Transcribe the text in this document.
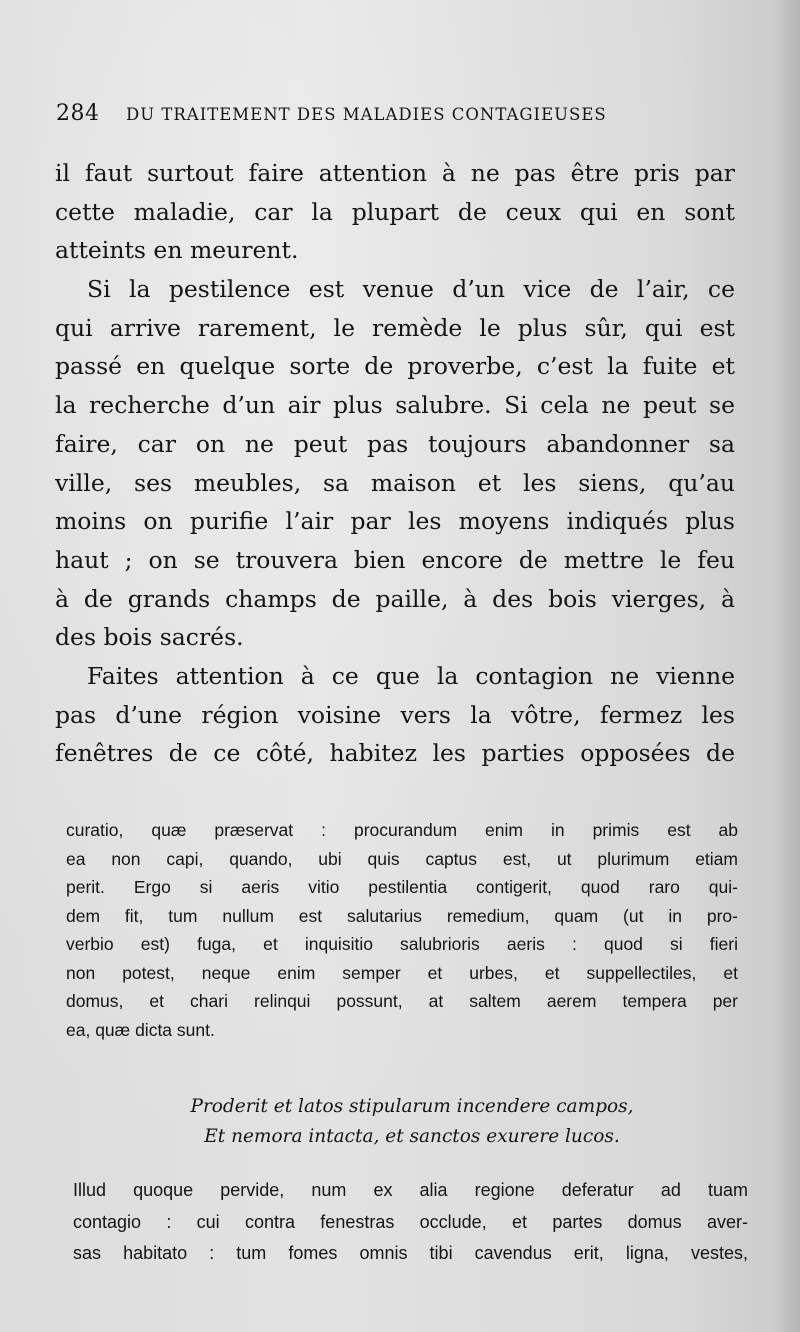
284 DU TRAITEMENT DES MALADIES CONTAGIEUSES
il faut surtout faire attention à ne pas être pris par
cette maladie, car la plupart de ceux qui en sont
atteints en meurent.
Si la pestilence est venue d’un vice de l’air, ce
qui arrive rarement, le remède le plus sûr, qui est
passé en quelque sorte de proverbe, c’est la fuite et
la recherche d’un air plus salubre. Si cela ne peut se
faire, car on ne peut pas toujours abandonner sa
ville, ses meubles, sa maison et les siens, qu’au
moins on purifie l’air par les moyens indiqués plus
haut ; on se trouvera bien encore de mettre le feu
à de grands champs de paille, à des bois vierges, à
des bois sacrés.
Faites attention à ce que la contagion ne vienne
pas d’une région voisine vers la vôtre, fermez les
fenêtres de ce côté, habitez les parties opposées de
curatio, quæ præservat : procurandum enim in primis est ab
ea non capi, quando, ubi quis captus est, ut plurimum etiam
perit. Ergo si aeris vitio pestilentia contigerit, quod raro qui-
dem fit, tum nullum est salutarius remedium, quam (ut in pro-
verbio est) fuga, et inquisitio salubrioris aeris : quod si fieri
non potest, neque enim semper et urbes, et suppellectiles, et
domus, et chari relinqui possunt, at saltem aerem tempera per
ea, quæ dicta sunt.
Proderit et latos stipularum incendere campos,
Et nemora intacta, et sanctos exurere lucos.
Illud quoque pervide, num ex alia regione deferatur ad tuam
contagio : cui contra fenestras occlude, et partes domus aver-
sas habitato : tum fomes omnis tibi cavendus erit, ligna, vestes,
